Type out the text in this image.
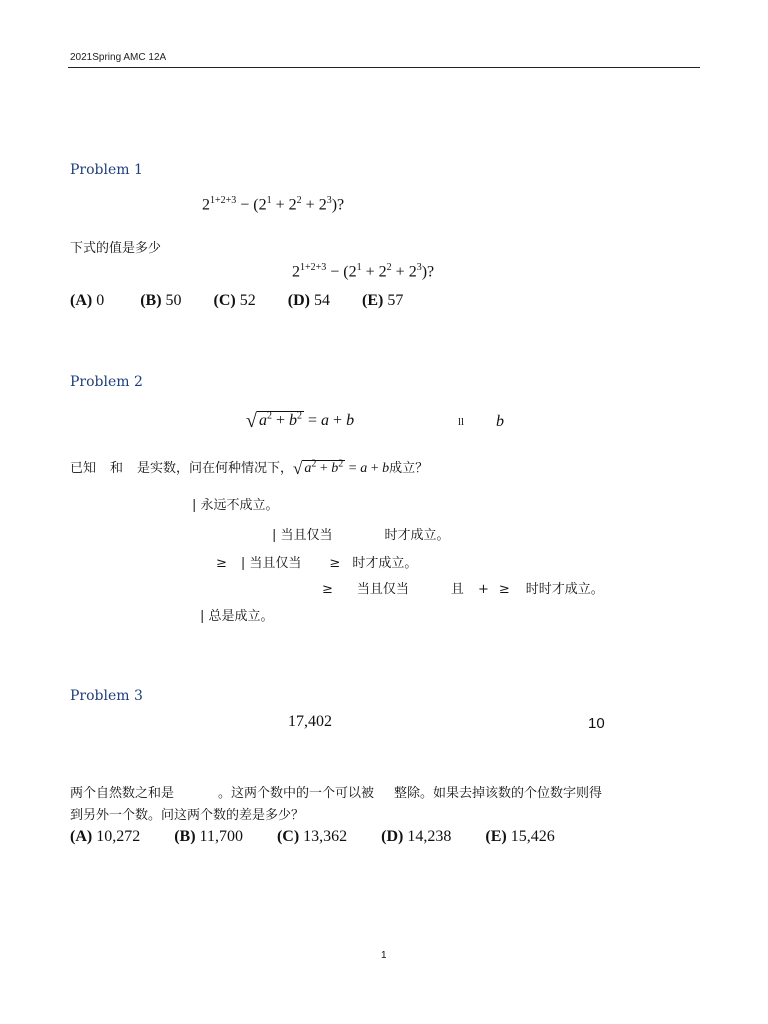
2021Spring AMC 12A
Problem 1
$2^{1+2+3} - (2^1 + 2^2 + 2^3)$?
下式的值是多少
$2^{1+2+3} - (2^1 + 2^2 + 2^3)$?
(A) 0 (B) 50 (C) 52 (D) 54 (E) 57
Problem 2
√ $a^2 + b^2 = a + b$	ll b
已知 和 是实数，问在何种情况下，√ $a^2 + b^2 = a + b$成立？
| 永远不成立。
| 当且仅当	时才成立。
≥ | 当且仅当 ≥ 时才成立。
≥ 当且仅当	且 + ≥ 时时才成立。
| 总是成立。
Problem 3
17,402	10
两个自然数之和是	。这两个数中的一个可以被 整除。如果去掉该数的个位数字则得
到另外一个数。问这两个数的差是多少？
(A) 10,272 (B) 11,700 (C) 13,362 (D) 14,238 (E) 15,426
1
